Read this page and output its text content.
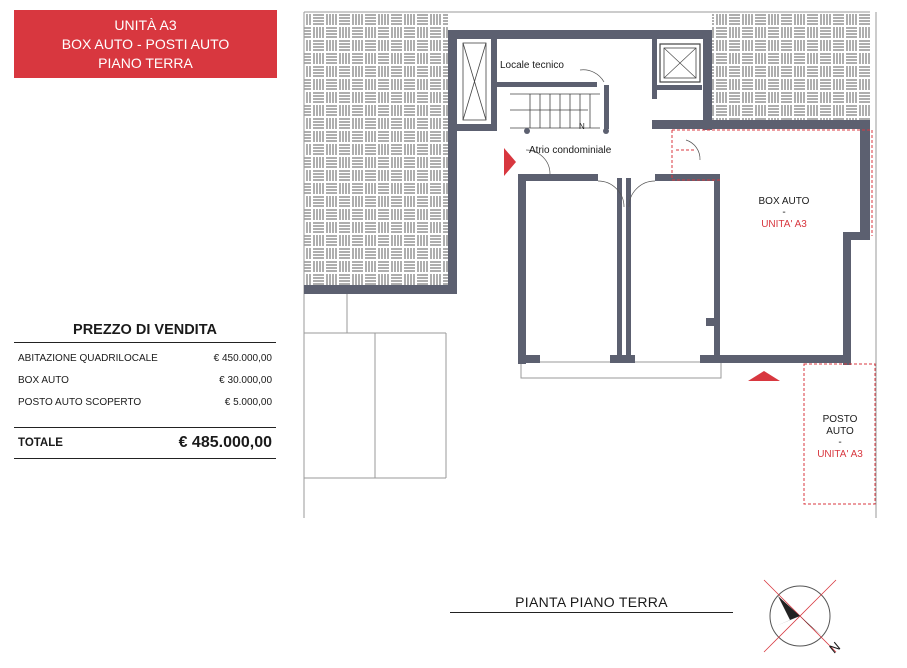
UNITÀ A3
BOX AUTO - POSTI AUTO
PIANO TERRA
PREZZO DI VENDITA
ABITAZIONE QUADRILOCALE	€ 450.000,00
BOX AUTO	€ 30.000,00
POSTO AUTO SCOPERTO	€ 5.000,00
TOTALE	€ 485.000,00
Locale tecnico
Atrio condominiale
N
BOX AUTO
-
UNITA' A3
POSTO
AUTO
-
UNITA' A3
PIANTA PIANO TERRA
N
